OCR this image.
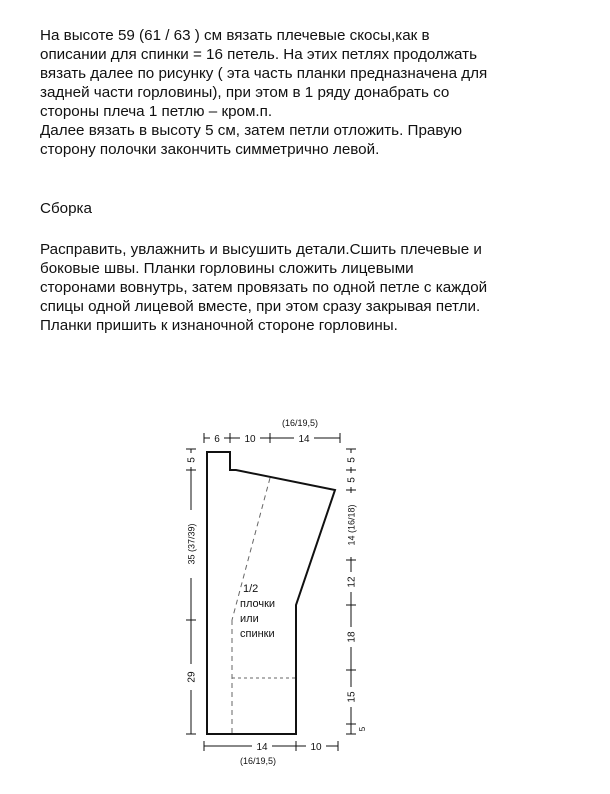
На высоте 59 (61 / 63 ) см вязать плечевые скосы,как в
описании для спинки = 16 петель. На этих петлях продолжать
вязать далее по рисунку ( эта часть планки предназначена для
задней части горловины), при этом в 1 ряду донабрать со
стороны плеча 1 петлю – кром.п.
Далее вязать в высоту 5 см, затем петли отложить. Правую
сторону полочки закончить симметрично левой.
Сборка
Расправить, увлажнить и высушить детали.Сшить плечевые и
боковые швы. Планки горловины сложить лицевыми
сторонами вовнутрь, затем провязать по одной петле с каждой
спицы одной лицевой вместе, при этом сразу закрывая петли.
Планки пришить к изнаночной стороне горловины.
6 10	14
(16/19,5)
14	10
(16/19,5)
5
35 (37/39)
29
5
5
14 (16/18)
12
18
15
5
1/2
плочки
или
спинки
